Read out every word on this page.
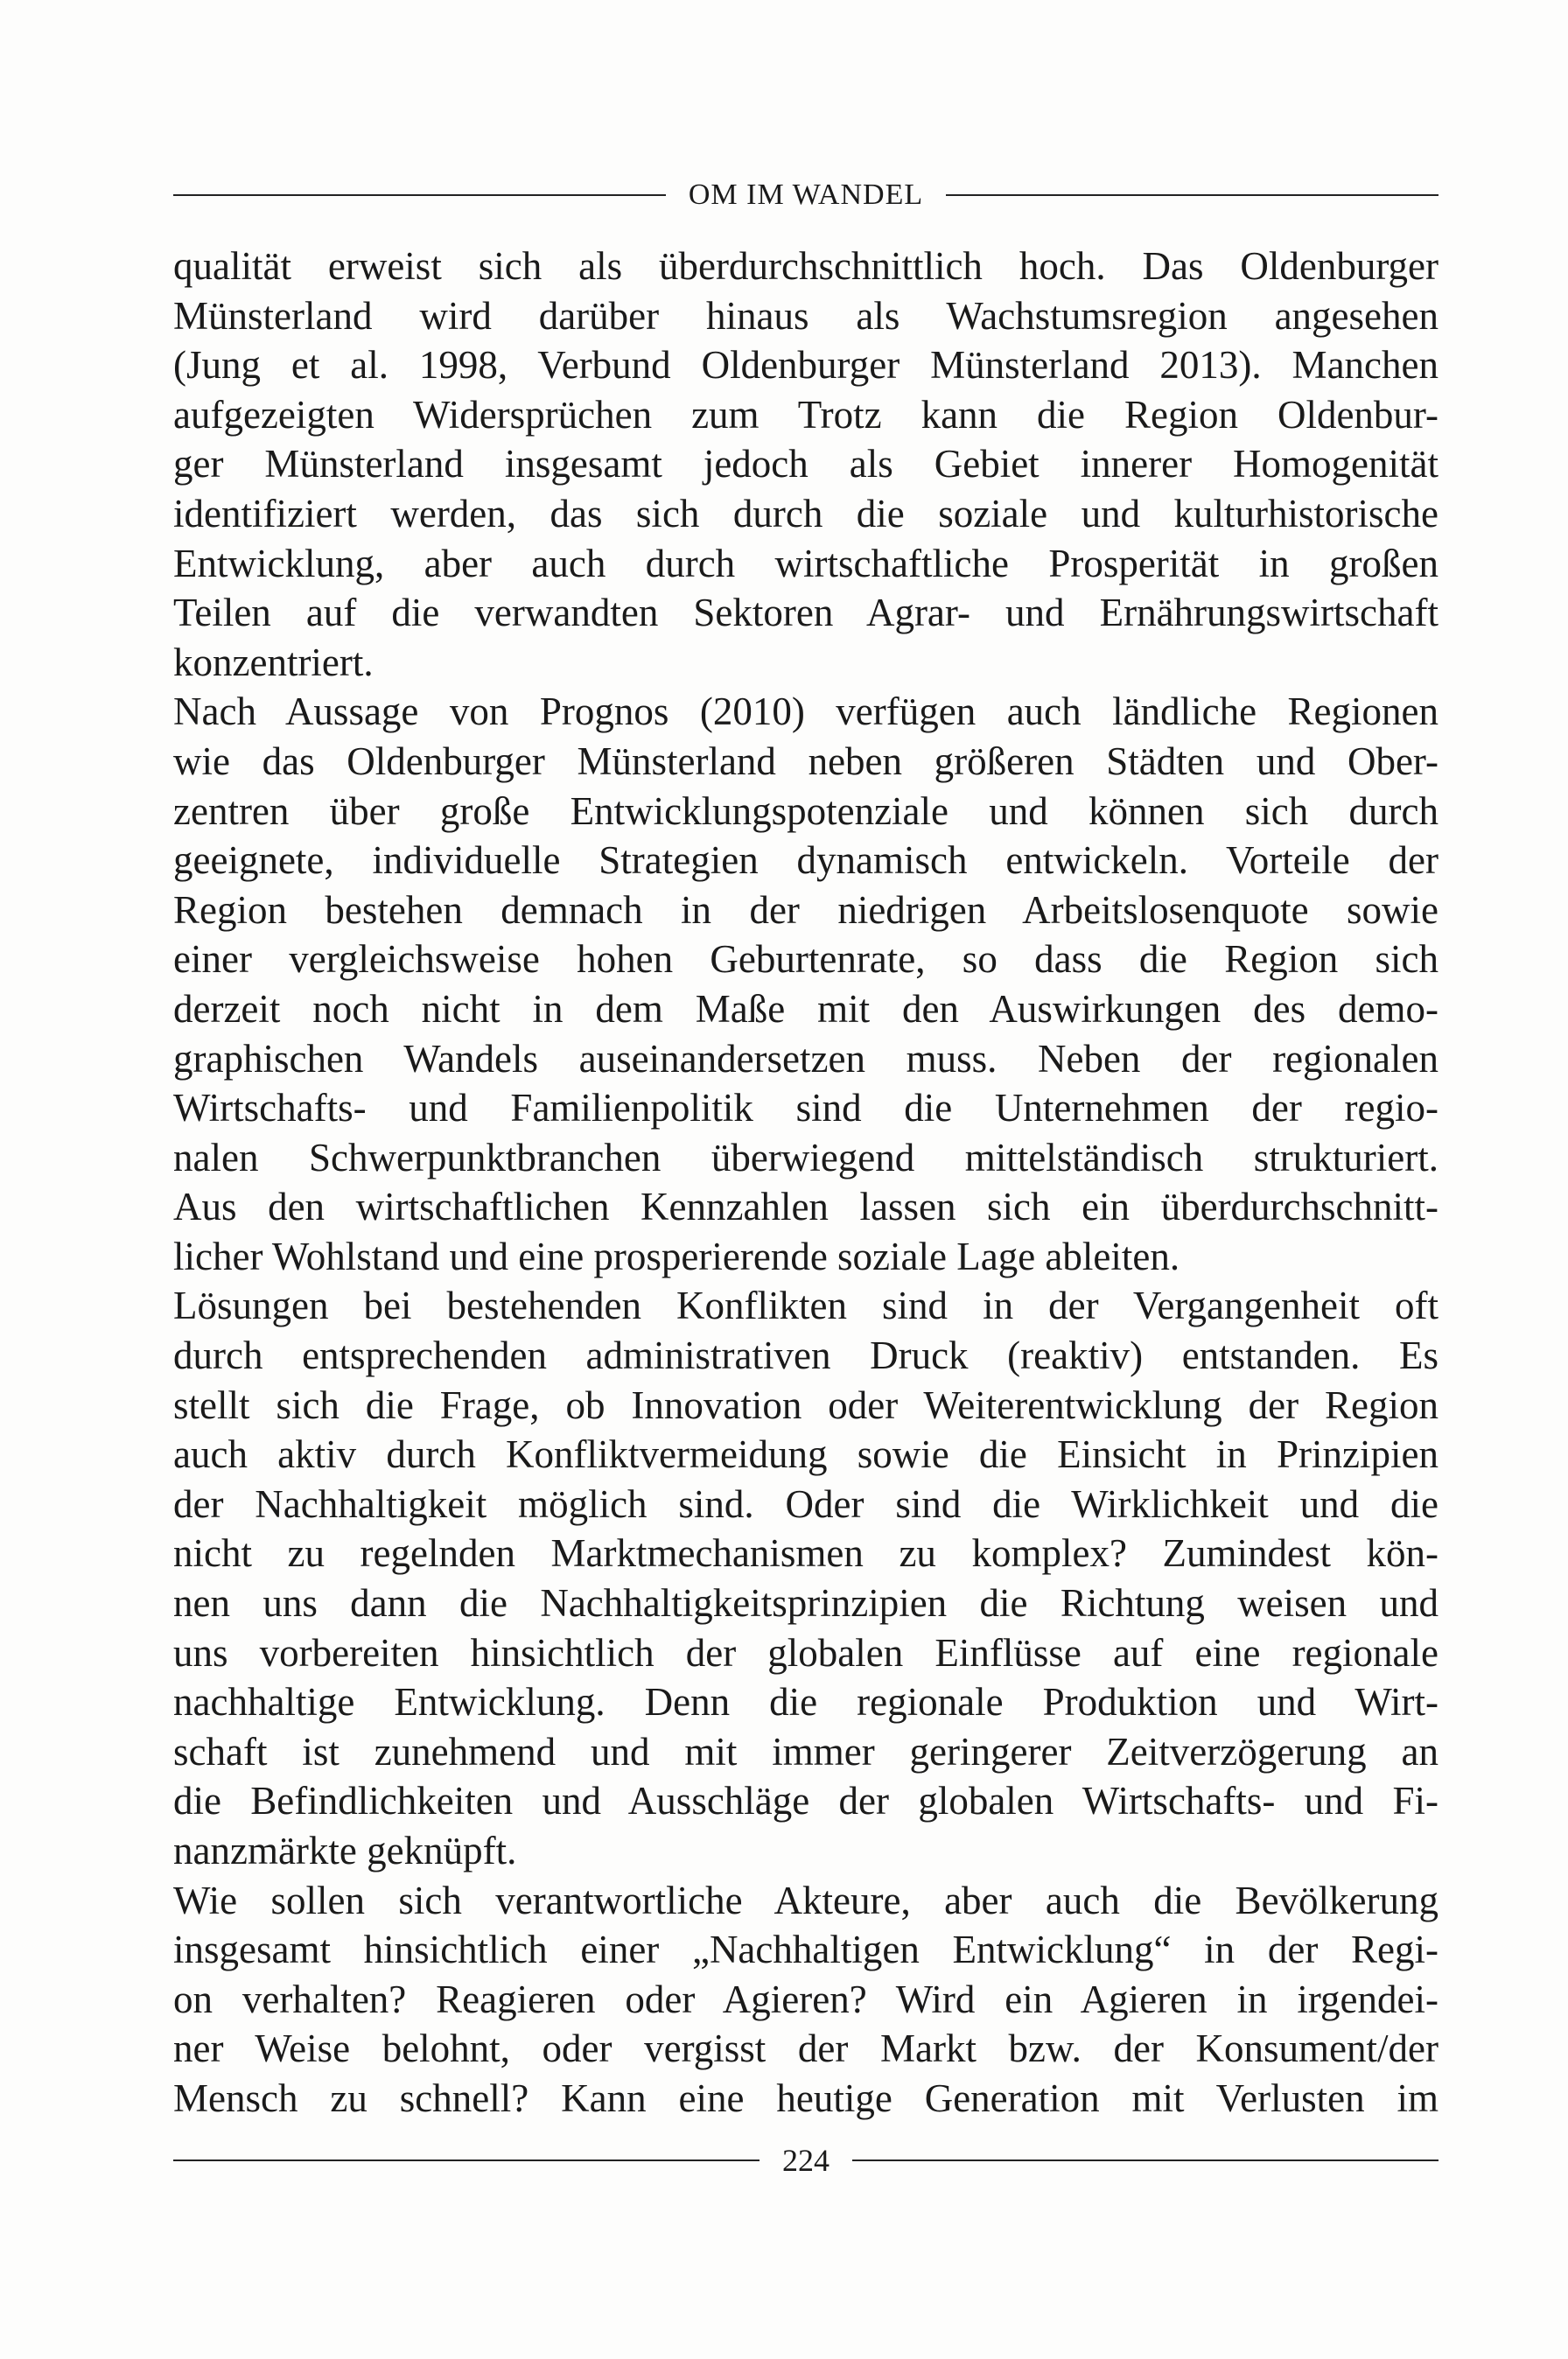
OM IM WANDEL
qualität erweist sich als überdurchschnittlich hoch. Das Oldenburger
Münsterland wird darüber hinaus als Wachstumsregion angesehen
(Jung et al. 1998, Verbund Oldenburger Münsterland 2013). Manchen
aufgezeigten Widersprüchen zum Trotz kann die Region Oldenbur-
ger Münsterland insgesamt jedoch als Gebiet innerer Homogenität
identifiziert werden, das sich durch die soziale und kulturhistorische
Entwicklung, aber auch durch wirtschaftliche Prosperität in großen
Teilen auf die verwandten Sektoren Agrar- und Ernährungswirtschaft
konzentriert.
Nach Aussage von Prognos (2010) verfügen auch ländliche Regionen
wie das Oldenburger Münsterland neben größeren Städten und Ober-
zentren über große Entwicklungspotenziale und können sich durch
geeignete, individuelle Strategien dynamisch entwickeln. Vorteile der
Region bestehen demnach in der niedrigen Arbeitslosenquote sowie
einer vergleichsweise hohen Geburtenrate, so dass die Region sich
derzeit noch nicht in dem Maße mit den Auswirkungen des demo-
graphischen Wandels auseinandersetzen muss. Neben der regionalen
Wirtschafts- und Familienpolitik sind die Unternehmen der regio-
nalen Schwerpunktbranchen überwiegend mittelständisch strukturiert.
Aus den wirtschaftlichen Kennzahlen lassen sich ein überdurchschnitt-
licher Wohlstand und eine prosperierende soziale Lage ableiten.
Lösungen bei bestehenden Konflikten sind in der Vergangenheit oft
durch entsprechenden administrativen Druck (reaktiv) entstanden. Es
stellt sich die Frage, ob Innovation oder Weiterentwicklung der Region
auch aktiv durch Konfliktvermeidung sowie die Einsicht in Prinzipien
der Nachhaltigkeit möglich sind. Oder sind die Wirklichkeit und die
nicht zu regelnden Marktmechanismen zu komplex? Zumindest kön-
nen uns dann die Nachhaltigkeitsprinzipien die Richtung weisen und
uns vorbereiten hinsichtlich der globalen Einflüsse auf eine regionale
nachhaltige Entwicklung. Denn die regionale Produktion und Wirt-
schaft ist zunehmend und mit immer geringerer Zeitverzögerung an
die Befindlichkeiten und Ausschläge der globalen Wirtschafts- und Fi-
nanzmärkte geknüpft.
Wie sollen sich verantwortliche Akteure, aber auch die Bevölkerung
insgesamt hinsichtlich einer „Nachhaltigen Entwicklung“ in der Regi-
on verhalten? Reagieren oder Agieren? Wird ein Agieren in irgendei-
ner Weise belohnt, oder vergisst der Markt bzw. der Konsument/der
Mensch zu schnell? Kann eine heutige Generation mit Verlusten im
224
